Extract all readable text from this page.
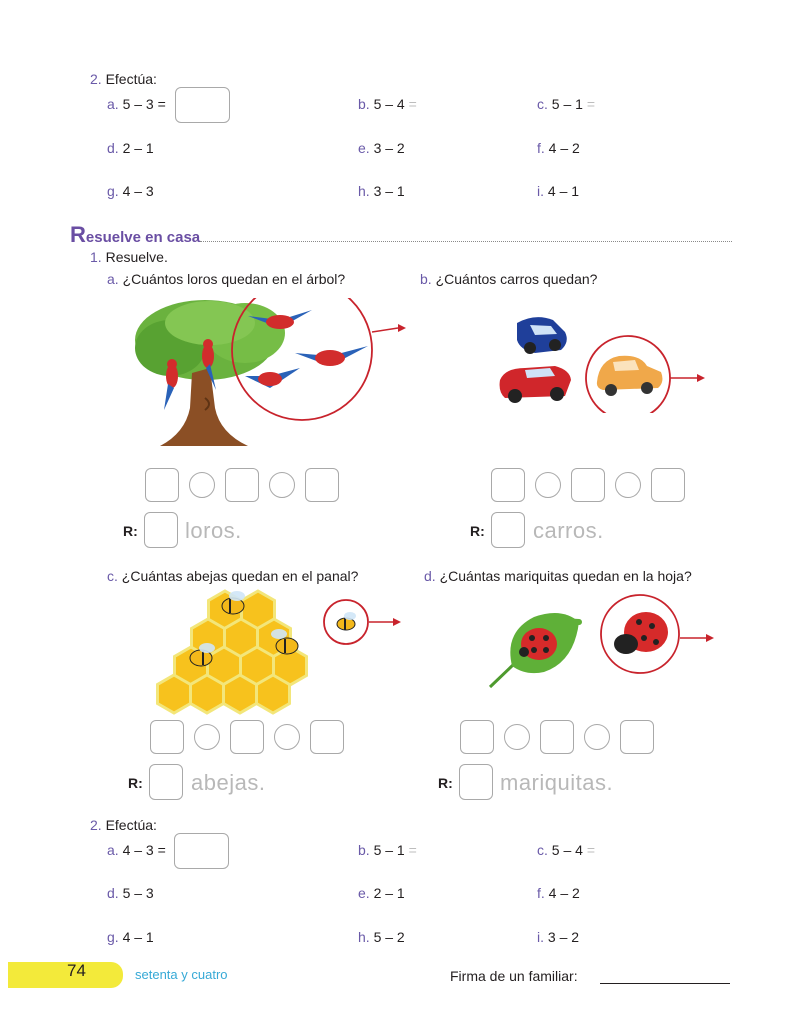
2. Efectúa:
a. 5 – 3 =	b. 5 – 4 =	c. 5 – 1 =
d. 2 – 1	e. 3 – 2	f. 4 – 2
g. 4 – 3	h. 3 – 1	i. 4 – 1
Resuelve en casa
1. Resuelve.
a. ¿Cuántos loros quedan en el árbol?	b. ¿Cuántos carros quedan?
R: loros.	R: carros.
c. ¿Cuántas abejas quedan en el panal?	d. ¿Cuántas mariquitas quedan en la hoja?
R: abejas.	R: mariquitas.
2. Efectúa:
a. 4 – 3 =	b. 5 – 1 =	c. 5 – 4 =
d. 5 – 3	e. 2 – 1	f. 4 – 2
g. 4 – 1	h. 5 – 2	i. 3 – 2
74	setenta y cuatro	Firma de un familiar:
